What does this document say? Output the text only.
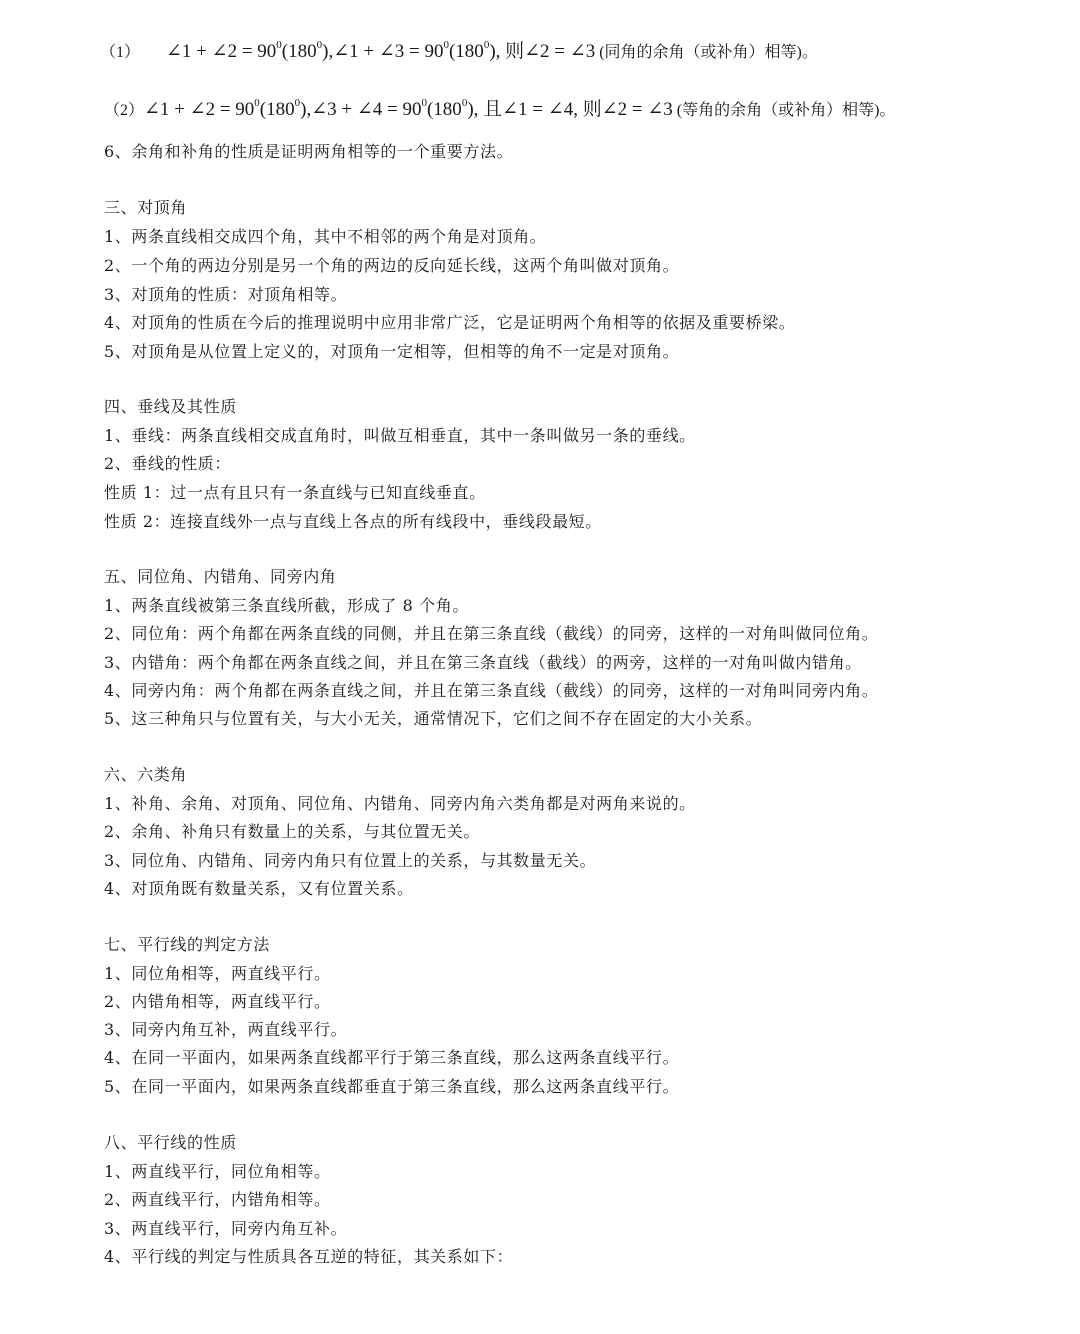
（1） ∠1 + ∠2 = $90^0(180^0),\angle 1$ + ∠3 = $90^0(180^0)$, 则∠2 = ∠3 (同角的余角（或补角）相等)。
（2）∠1 + ∠2 = $90^0(180^0),\angle 3$ + ∠4 = $90^0(180^0)$, 且∠1 = ∠4, 则∠2 = ∠3 (等角的余角（或补角）相等)。
6、余角和补角的性质是证明两角相等的一个重要方法。
三、对顶角
1、两条直线相交成四个角，其中不相邻的两个角是对顶角。
2、一个角的两边分别是另一个角的两边的反向延长线，这两个角叫做对顶角。
3、对顶角的性质：对顶角相等。
4、对顶角的性质在今后的推理说明中应用非常广泛，它是证明两个角相等的依据及重要桥梁。
5、对顶角是从位置上定义的，对顶角一定相等，但相等的角不一定是对顶角。
四、垂线及其性质
1、垂线：两条直线相交成直角时，叫做互相垂直，其中一条叫做另一条的垂线。
2、垂线的性质：
性质 1：过一点有且只有一条直线与已知直线垂直。
性质 2：连接直线外一点与直线上各点的所有线段中，垂线段最短。
五、同位角、内错角、同旁内角
1、两条直线被第三条直线所截，形成了 8 个角。
2、同位角：两个角都在两条直线的同侧，并且在第三条直线（截线）的同旁，这样的一对角叫做同位角。
3、内错角：两个角都在两条直线之间，并且在第三条直线（截线）的两旁，这样的一对角叫做内错角。
4、同旁内角：两个角都在两条直线之间，并且在第三条直线（截线）的同旁，这样的一对角叫同旁内角。
5、这三种角只与位置有关，与大小无关，通常情况下，它们之间不存在固定的大小关系。
六、六类角
1、补角、余角、对顶角、同位角、内错角、同旁内角六类角都是对两角来说的。
2、余角、补角只有数量上的关系，与其位置无关。
3、同位角、内错角、同旁内角只有位置上的关系，与其数量无关。
4、对顶角既有数量关系，又有位置关系。
七、平行线的判定方法
1、同位角相等，两直线平行。
2、内错角相等，两直线平行。
3、同旁内角互补，两直线平行。
4、在同一平面内，如果两条直线都平行于第三条直线，那么这两条直线平行。
5、在同一平面内，如果两条直线都垂直于第三条直线，那么这两条直线平行。
八、平行线的性质
1、两直线平行，同位角相等。
2、两直线平行，内错角相等。
3、两直线平行，同旁内角互补。
4、平行线的判定与性质具各互逆的特征，其关系如下：
